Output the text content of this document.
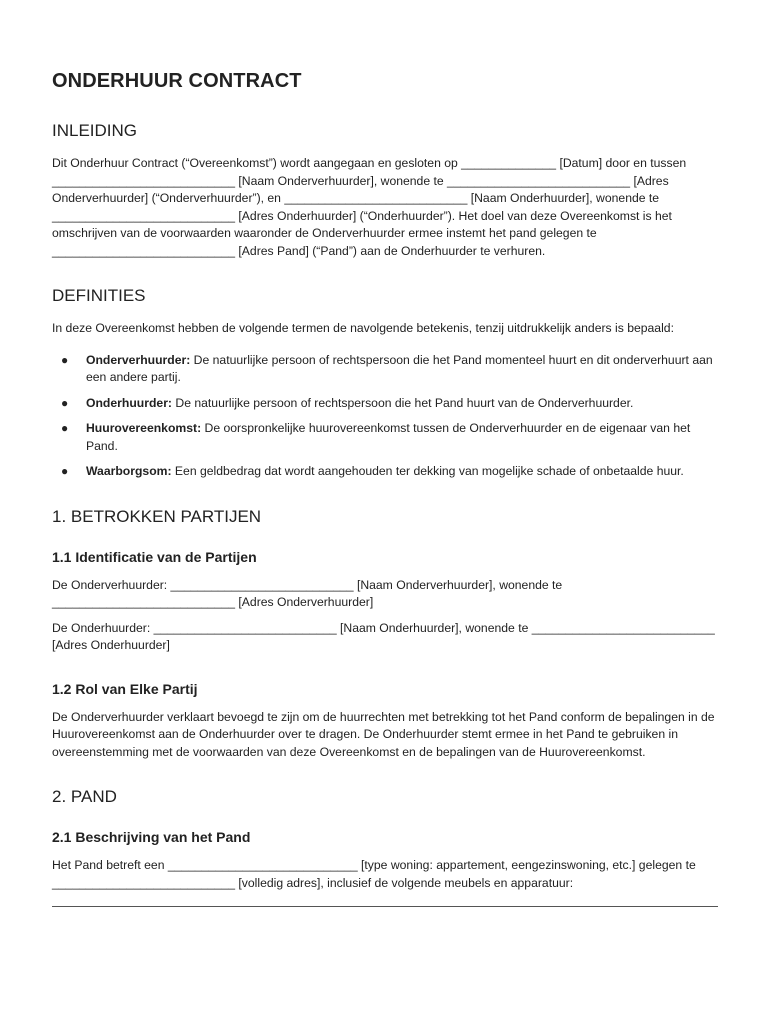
ONDERHUUR CONTRACT
INLEIDING

Dit Onderhuur Contract (“Overeenkomst”) wordt aangegaan en gesloten op ______________ [Datum] door en tussen ___________________________ [Naam Onderverhuurder], wonende te ___________________________ [Adres Onderverhuurder] (“Onderverhuurder”), en ___________________________ [Naam Onderhuurder], wonende te ___________________________ [Adres Onderhuurder] (“Onderhuurder”). Het doel van deze Overeenkomst is het omschrijven van de voorwaarden waaronder de Onderverhuurder ermee instemt het pand gelegen te ___________________________ [Adres Pand] (“Pand”) aan de Onderhuurder te verhuren.

DEFINITIES

In deze Overeenkomst hebben de volgende termen de navolgende betekenis, tenzij uitdrukkelijk anders is bepaald:

● Onderverhuurder: De natuurlijke persoon of rechtspersoon die het Pand momenteel huurt en dit onderverhuurt aan een andere partij.
● Onderhuurder: De natuurlijke persoon of rechtspersoon die het Pand huurt van de Onderverhuurder.
● Huurovereenkomst: De oorspronkelijke huurovereenkomst tussen de Onderverhuurder en de eigenaar van het Pand.
● Waarborgsom: Een geldbedrag dat wordt aangehouden ter dekking van mogelijke schade of onbetaalde huur.
1. BETROKKEN PARTIJEN
1.1 Identificatie van de Partijen

De Onderverhuurder: ___________________________ [Naam Onderverhuurder], wonende te ___________________________ [Adres Onderverhuurder]

De Onderhuurder: ___________________________ [Naam Onderhuurder], wonende te ___________________________ [Adres Onderhuurder]

1.2 Rol van Elke Partij

De Onderverhuurder verklaart bevoegd te zijn om de huurrechten met betrekking tot het Pand conform de bepalingen in de Huurovereenkomst aan de Onderhuurder over te dragen. De Onderhuurder stemt ermee in het Pand te gebruiken in overeenstemming met de voorwaarden van deze Overeenkomst en de bepalingen van de Huurovereenkomst.

2. PAND
2.1 Beschrijving van het Pand

Het Pand betreft een ____________________________ [type woning: appartement, eengezinswoning, etc.] gelegen te ___________________________ [volledig adres], inclusief de volgende meubels en apparatuur:
